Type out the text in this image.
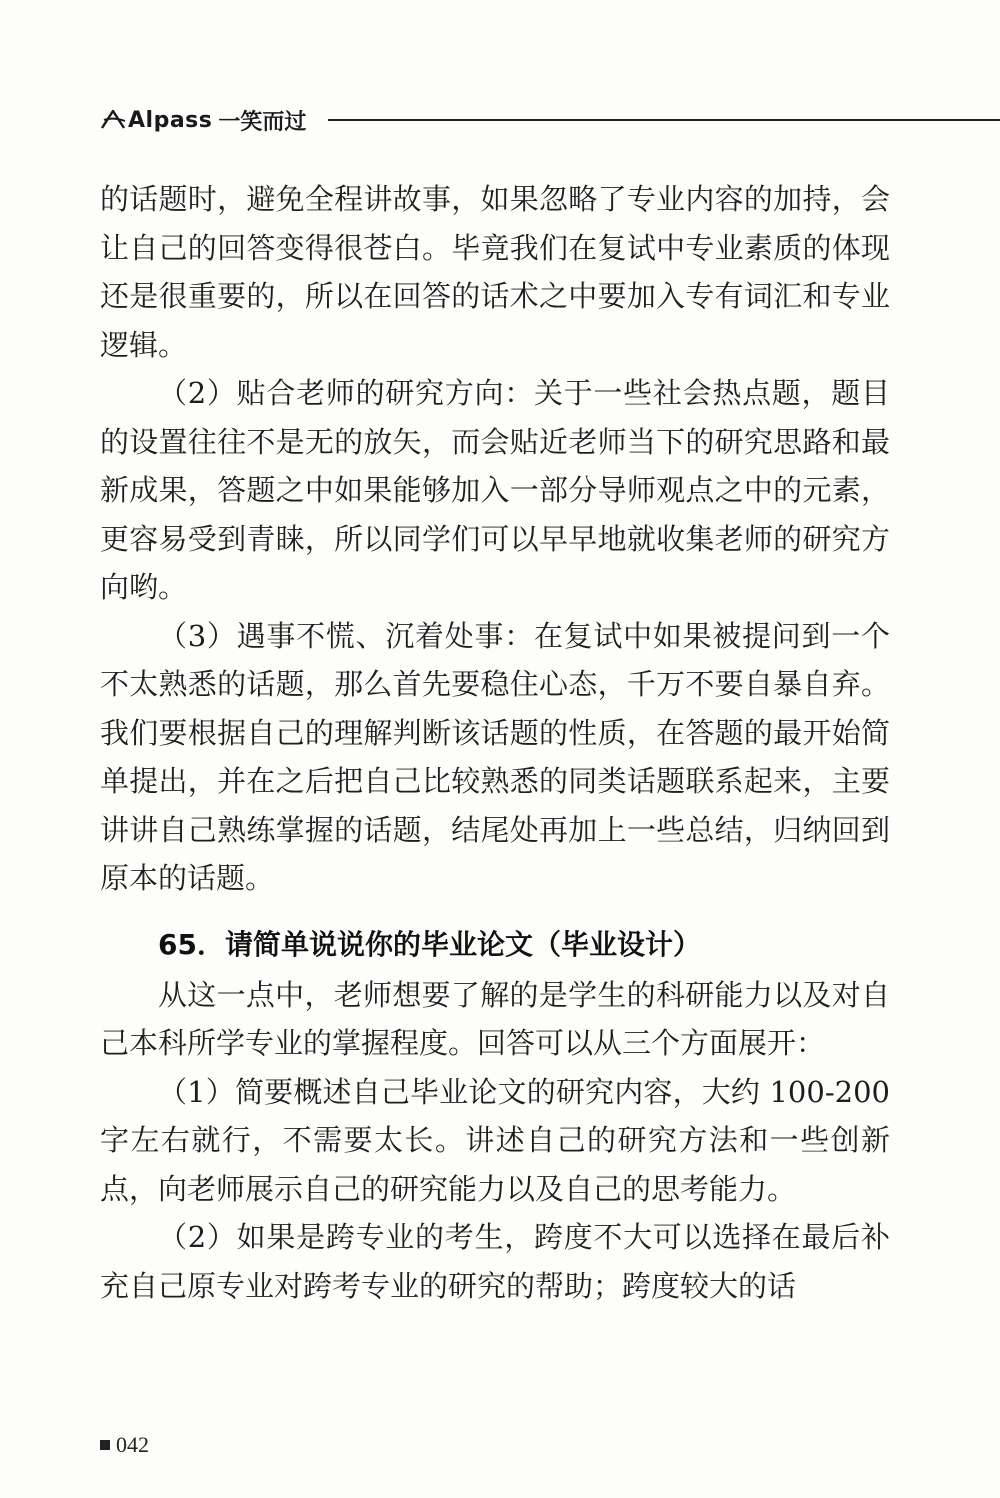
Alpass 一笑而过

的话题时，避免全程讲故事，如果忽略了专业内容的加持，会让自己的回答变得很苍白。毕竟我们在复试中专业素质的体现还是很重要的，所以在回答的话术之中要加入专有词汇和专业逻辑。

（2）贴合老师的研究方向：关于一些社会热点题，题目的设置往往不是无的放矢，而会贴近老师当下的研究思路和最新成果，答题之中如果能够加入一部分导师观点之中的元素，更容易受到青睐，所以同学们可以早早地就收集老师的研究方向哟。

（3）遇事不慌、沉着处事：在复试中如果被提问到一个不太熟悉的话题，那么首先要稳住心态，千万不要自暴自弃。我们要根据自己的理解判断该话题的性质，在答题的最开始简单提出，并在之后把自己比较熟悉的同类话题联系起来，主要讲讲自己熟练掌握的话题，结尾处再加上一些总结，归纳回到原本的话题。

65．请简单说说你的毕业论文（毕业设计）

从这一点中，老师想要了解的是学生的科研能力以及对自己本科所学专业的掌握程度。回答可以从三个方面展开：

（1）简要概述自己毕业论文的研究内容，大约 100-200 字左右就行，不需要太长。讲述自己的研究方法和一些创新点，向老师展示自己的研究能力以及自己的思考能力。

（2）如果是跨专业的考生，跨度不大可以选择在最后补充自己原专业对跨考专业的研究的帮助；跨度较大的话

042
